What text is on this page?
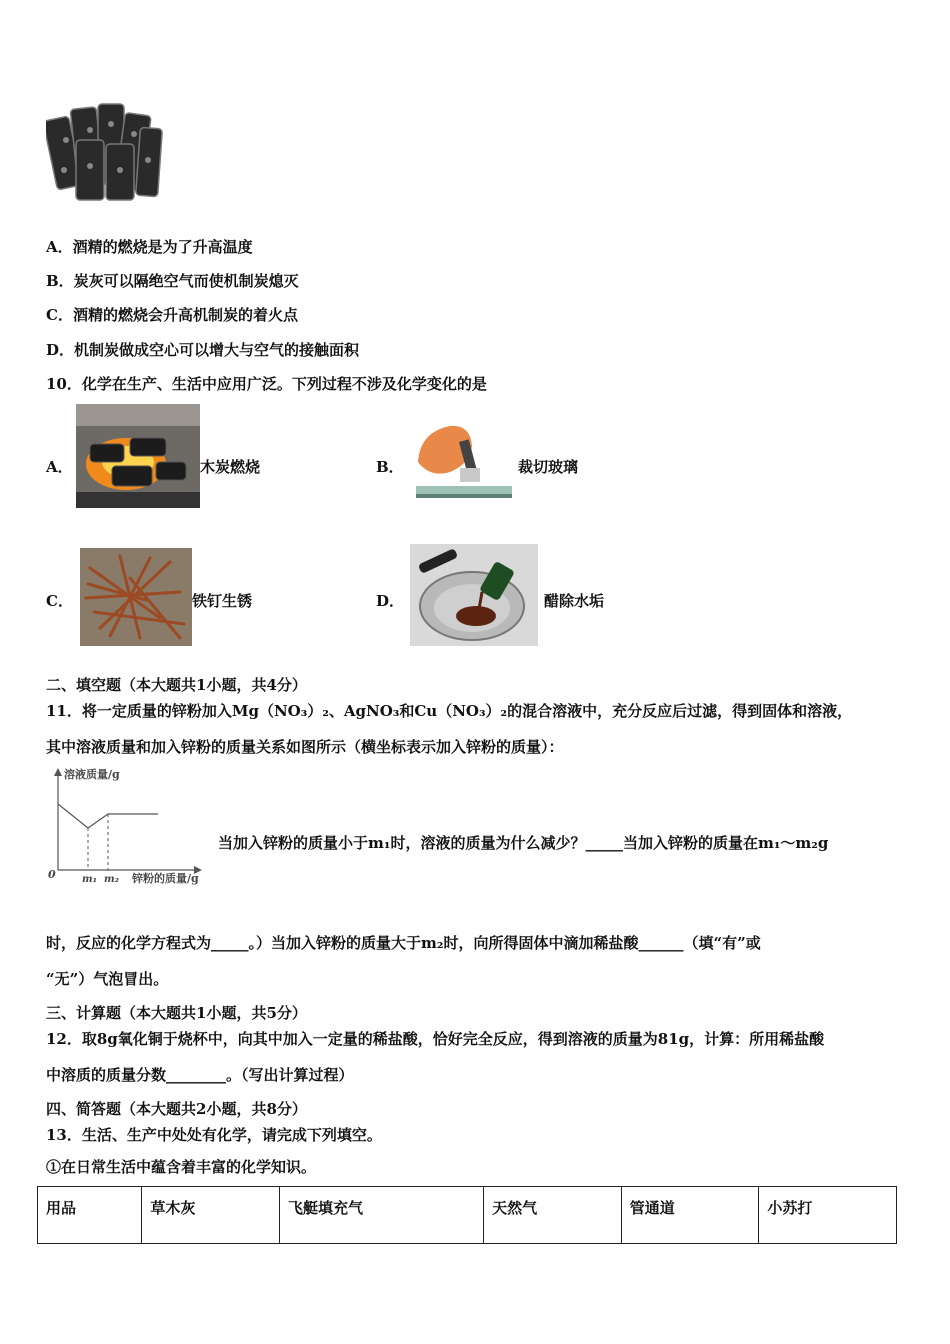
A．酒精的燃烧是为了升高温度
B．炭灰可以隔绝空气而使机制炭熄灭
C．酒精的燃烧会升高机制炭的着火点
D．机制炭做成空心可以增大与空气的接触面积
10．化学在生产、生活中应用广泛。下列过程不涉及化学变化的是
A．	木炭燃烧	B．	裁切玻璃
C．	铁钉生锈	D．	醋除水垢
二、填空题（本大题共1小题，共4分）
11．将一定质量的锌粉加入Mg（NO₃）₂、AgNO₃和Cu（NO₃）₂的混合溶液中，充分反应后过滤，得到固体和溶液，
其中溶液质量和加入锌粉的质量关系如图所示（横坐标表示加入锌粉的质量）：
溶液质量/g
0	m₁ m₂ 锌粉的质量/g
当加入锌粉的质量小于m₁时，溶液的质量为什么减少？_____当加入锌粉的质量在m₁～m₂g
时，反应的化学方程式为_____。）当加入锌粉的质量大于m₂时，向所得固体中滴加稀盐酸______（填“有”或
“无”）气泡冒出。
三、计算题（本大题共1小题，共5分）
12．取8g氧化铜于烧杯中，向其中加入一定量的稀盐酸，恰好完全反应，得到溶液的质量为81g，计算：所用稀盐酸
中溶质的质量分数________。（写出计算过程）
四、简答题（本大题共2小题，共8分）
13．生活、生产中处处有化学，请完成下列填空。
①在日常生活中蕴含着丰富的化学知识。
用品	草木灰	飞艇填充气	天然气	管通道	小苏打
